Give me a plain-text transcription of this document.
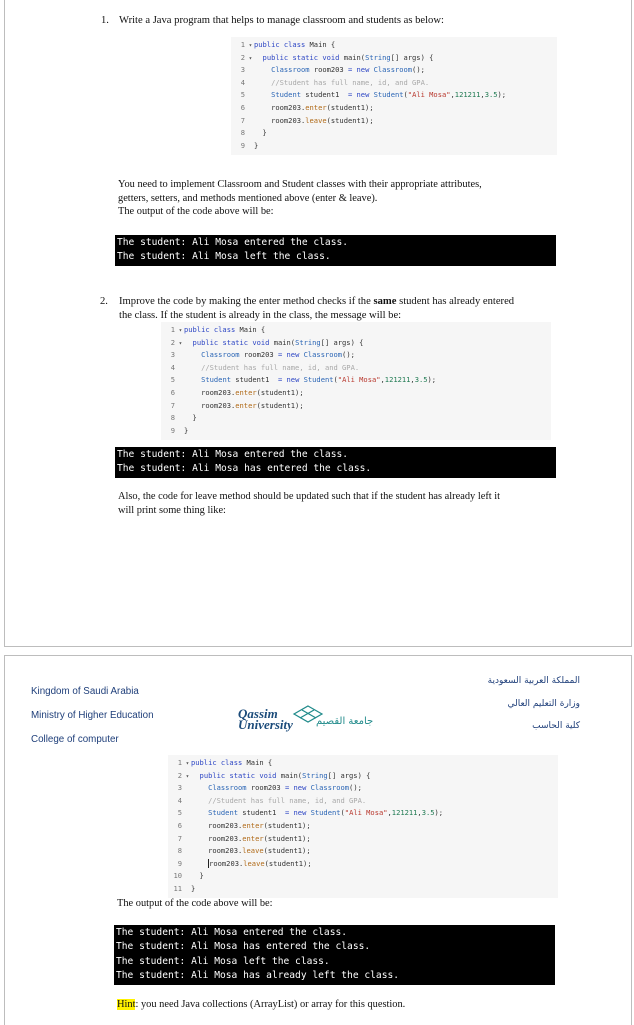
1. Write a Java program that helps to manage classroom and students as below:
1 ▾ public class Main {
2 ▾ public static void main(String[] args) {
3	Classroom room203 = new Classroom();
4	//Student has full name, id, and GPA.
5	Student student1  = new Student("Ali Mosa",121211,3.5);
6	room203.enter(student1);
7	room203.leave(student1);
8 }
9 }
You need to implement Classroom and Student classes with their appropriate attributes,
getters, setters, and methods mentioned above (enter & leave).
The output of the code above will be:
The student: Ali Mosa entered the class.
The student: Ali Mosa left the class.
2. Improve the code by making the enter method checks if the same student has already entered
the class. If the student is already in the class, the message will be:
1 ▾ public class Main {
2 ▾ public static void main(String[] args) {
3	Classroom room203 = new Classroom();
4	//Student has full name, id, and GPA.
5	Student student1  = new Student("Ali Mosa",121211,3.5);
6	room203.enter(student1);
7	room203.enter(student1);
8 }
9 }
The student: Ali Mosa entered the class.
The student: Ali Mosa has entered the class.
Also, the code for leave method should be updated such that if the student has already left it
will print some thing like:
Kingdom of Saudi Arabia
Ministry of Higher Education
College of computer
المملكة العربية السعودية
وزارة التعليم العالي
كلية الحاسب
Qassim
University جامعة القصيم
1 ▾ public class Main {
2 ▾ public static void main(String[] args) {
3	Classroom room203 = new Classroom();
4	//Student has full name, id, and GPA.
5	Student student1  = new Student("Ali Mosa",121211,3.5);
6	room203.enter(student1);
7	room203.enter(student1);
8	room203.leave(student1);
9	room203.leave(student1);
10 }
11 }
The output of the code above will be:
The student: Ali Mosa entered the class.
The student: Ali Mosa has entered the class.
The student: Ali Mosa left the class.
The student: Ali Mosa has already left the class.
Hint: you need Java collections (ArrayList) or array for this question.
